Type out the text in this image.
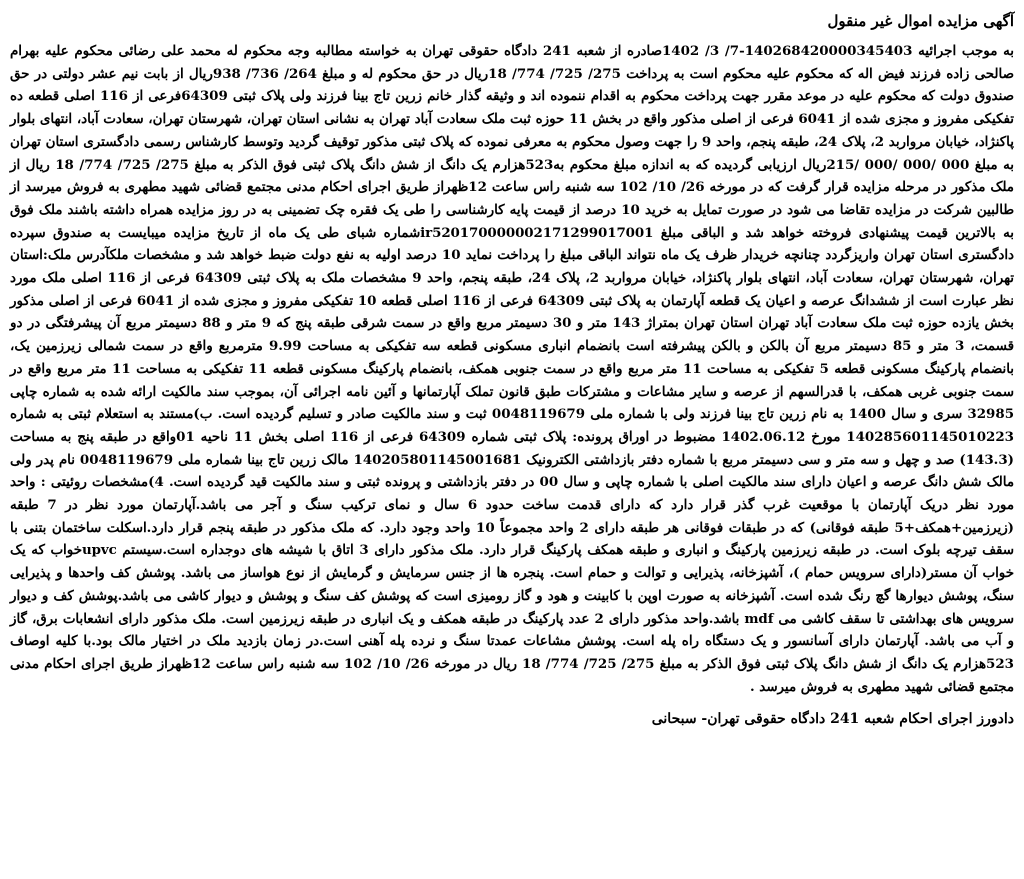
آگهی مزایده اموال غیر منقول

به موجب اجرائیه 140268420000345403-7/ 3/ 1402صادره از شعبه 241 دادگاه حقوقی تهران به خواسته مطالبه وجه محکوم له محمد علی رضائی محکوم علیه بهرام صالحی زاده فرزند فیض اله که محکوم علیه محکوم است به پرداخت 275/ 725/ 774/ 18ریال در حق محکوم له و مبلغ 264/ 736/ 938ریال از بابت نیم عشر دولتی در حق صندوق دولت که محکوم علیه در موعد مقرر جهت پرداخت محکوم به اقدام ننموده اند و وثیقه گذار خانم زرین تاج بینا فرزند ولی پلاک ثبتی 64309فرعی از 116 اصلی قطعه ده تفکیکی مفروز و مجزی شده از 6041 فرعی از اصلی مذکور واقع در بخش 11 حوزه ثبت ملک سعادت آباد تهران به نشانی استان تهران، شهرستان تهران، سعادت آباد، انتهای بلوار پاکنژاد، خیابان مرواربد 2، پلاک 24، طبقه پنجم، واحد 9 را جهت وصول محکوم به معرفی نموده که پلاک ثبتی مذکور توقیف گردید وتوسط کارشناس رسمی دادگستری استان تهران به مبلغ 000 /000 /000 /215ریال ارزیابی گردیده که به اندازه مبلغ محکوم به523هزارم یک دانگ از شش دانگ پلاک ثبتی فوق الذکر به مبلغ 275/ 725/ 774/ 18 ریال از ملک مذکور در مرحله مزایده قرار گرفت که در مورخه 26/ 10/ 102 سه شنبه راس ساعت 12ظهراز طریق اجرای احکام مدنی مجتمع قضائی شهید مطهری به فروش میرسد از طالبین شرکت در مزایده تقاضا می شود در صورت تمایل به خرید 10 درصد از قیمت پایه کارشناسی را طی یک فقره چک تضمینی به در روز مزایده همراه داشته باشند ملک فوق به بالاترین قیمت پیشنهادی فروخته خواهد شد و الباقی مبلغ ir520170000002171299017001شماره شبای طی یک ماه از تاریخ مزایده میبایست به صندوق سپرده دادگستری استان تهران واریزگردد چنانچه خریدار ظرف یک ماه نتواند الباقی مبلغ را پرداخت نماید 10 درصد اولیه به نفع دولت ضبط خواهد شد و مشخصات ملکآدرس ملک:استان تهران، شهرستان تهران، سعادت آباد، انتهای بلوار پاکنژاد، خیابان مرواربد 2، پلاک 24، طبقه پنجم، واحد 9 مشخصات ملک به پلاک ثبتی 64309 فرعی از 116 اصلی ملک مورد نظر عبارت است از ششدانگ عرصه و اعیان یک قطعه آپارتمان به پلاک ثبتی 64309 فرعی از 116 اصلی قطعه 10 تفکیکی مفروز و مجزی شده از 6041 فرعی از اصلی مذکور بخش یازده حوزه ثبت ملک سعادت آباد تهران استان تهران بمتراژ 143 متر و 30 دسیمتر مربع واقع در سمت شرقی طبقه پنج که 9 متر و 88 دسیمتر مربع آن پیشرفتگی در دو قسمت، 3 متر و 85 دسیمتر مربع آن بالکن و بالکن پیشرفته است بانضمام انباری مسکونی قطعه سه تفکیکی به مساحت 9.99 مترمربع واقع در سمت شمالی زیرزمین یک، بانضمام پارکینگ مسکونی قطعه 5 تفکیکی به مساحت 11 متر مربع واقع در سمت جنوبی همکف، بانضمام پارکینگ مسکونی قطعه 11 تفکیکی به مساحت 11 متر مربع واقع در سمت جنوبی غربی همکف، با قدرالسهم از عرصه و سایر مشاعات و مشترکات طبق قانون تملک آپارتمانها و آئین نامه اجرائی آن، بموجب سند مالکیت ارائه شده به شماره چاپی 32985 سری و سال 1400 به نام زرین تاج بینا فرزند ولی با شماره ملی 0048119679 ثبت و سند مالکیت صادر و تسلیم گردیده است. ب)مستند به استعلام ثبتی به شماره 140285601145010223 مورخ 1402.06.12 مضبوط در اوراق پرونده: پلاک ثبتی شماره 64309 فرعی از 116 اصلی بخش 11 ناحیه 01واقع در طبقه پنج به مساحت (143.3) صد و چهل و سه متر و سی دسیمتر مربع با شماره دفتر بازداشتی الکترونیک 140205801145001681 مالک زرین تاج بینا شماره ملی 0048119679 نام پدر ولی مالک شش دانگ عرصه و اعیان دارای سند مالکیت اصلی با شماره چاپی و سال 00 در دفتر بازداشتی و پرونده ثبتی و سند مالکیت قید گردیده است. 4)مشخصات روئیتی : واحد مورد نظر دریک آپارتمان با موقعیت غرب گذر قرار دارد که دارای قدمت ساخت حدود 6 سال و نمای ترکیب سنگ و آجر می باشد.آپارتمان مورد نظر در 7 طبقه (زیرزمین+همکف+5 طبقه فوقانی) که در طبقات فوقانی هر طبقه دارای 2 واحد مجموعاً 10 واحد وجود دارد. که ملک مذکور در طبقه پنجم قرار دارد.اسکلت ساختمان بتنی با سقف تیرچه بلوک است. در طبقه زیرزمین پارکینگ و انباری و طبقه همکف پارکینگ قرار دارد. ملک مذکور دارای 3 اتاق با شیشه های دوجداره است.سیستم upvcخواب که یک خواب آن مستر(دارای سرویس حمام )، آشپزخانه، پذیرایی و توالت و حمام است. پنجره ها از جنس سرمایش و گرمایش از نوع هواساز می باشد. پوشش کف واحدها و پذیرایی سنگ، پوشش دیوارها گچ رنگ شده است. آشپزخانه به صورت اوپن با کابینت و هود و گاز رومیزی است که پوشش کف سنگ و پوشش و دیوار کاشی می باشد.پوشش کف و دیوار سرویس های بهداشتی تا سقف کاشی می mdf باشد.واحد مذکور دارای 2 عدد پارکینگ در طبقه همکف و یک انباری در طبقه زیرزمین است. ملک مذکور دارای انشعابات برق، گاز و آب می باشد. آپارتمان دارای آسانسور و یک دستگاه راه پله است. پوشش مشاعات عمدتا سنگ و نرده پله آهنی است.در زمان بازدید ملک در اختیار مالک بود.با کلیه اوصاف 523هزارم یک دانگ از شش دانگ پلاک ثبتی فوق الذکر به مبلغ 275/ 725/ 774/ 18 ریال در مورخه 26/ 10/ 102 سه شنبه راس ساعت 12ظهراز طریق اجرای احکام مدنی مجتمع قضائی شهید مطهری به فروش میرسد .

دادورز اجرای احکام شعبه 241 دادگاه حقوقی تهران- سبحانی
